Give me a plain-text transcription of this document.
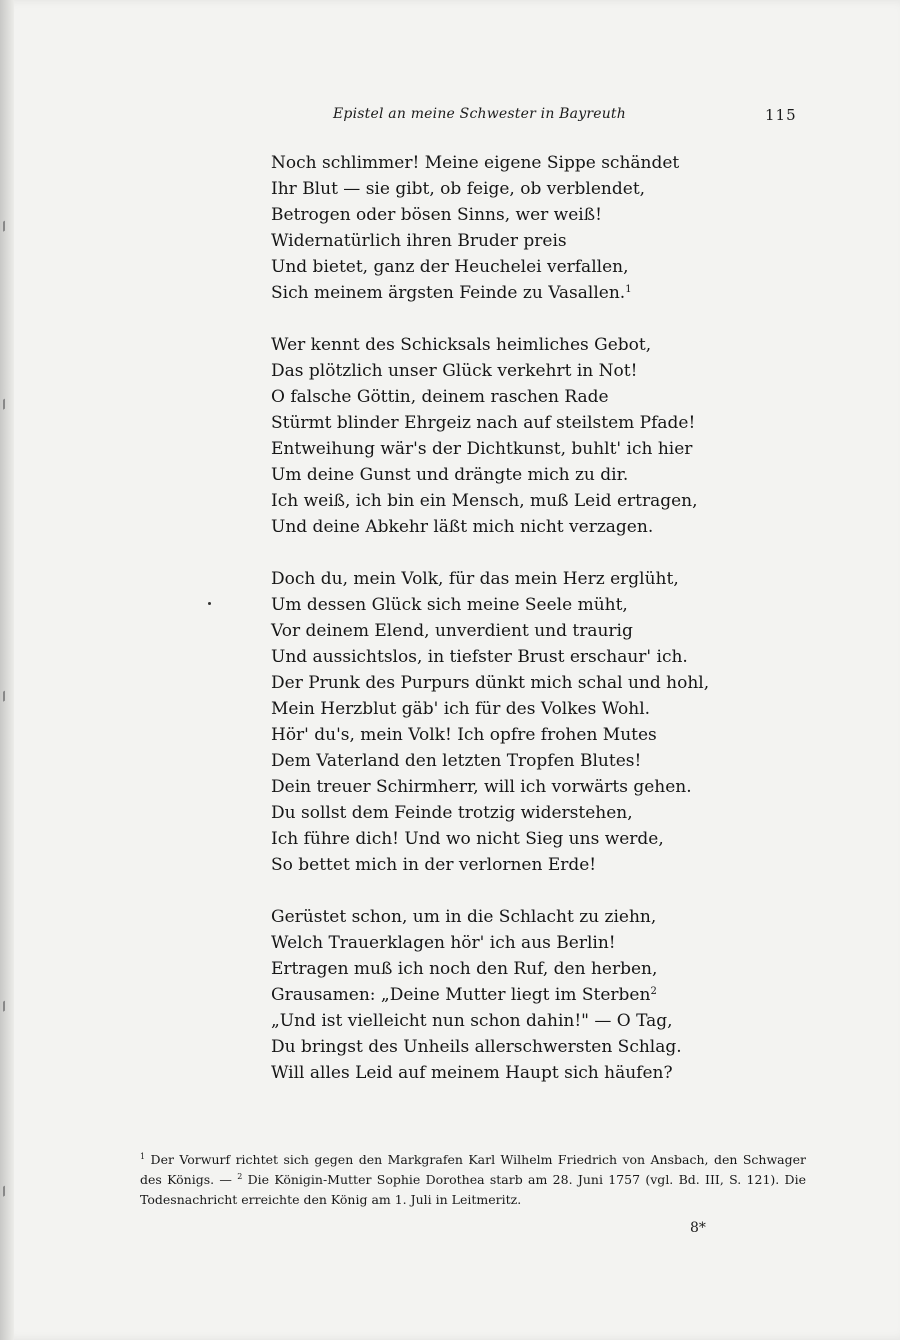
Epistel an meine Schwester in Bayreuth	115
Noch schlimmer! Meine eigene Sippe schändet
Ihr Blut — sie gibt, ob feige, ob verblendet,
Betrogen oder bösen Sinns, wer weiß!
Widernatürlich ihren Bruder preis
Und bietet, ganz der Heuchelei verfallen,
Sich meinem ärgsten Feinde zu Vasallen.$^1$
Wer kennt des Schicksals heimliches Gebot,
Das plötzlich unser Glück verkehrt in Not!
O falsche Göttin, deinem raschen Rade
Stürmt blinder Ehrgeiz nach auf steilstem Pfade!
Entweihung wär's der Dichtkunst, buhlt' ich hier
Um deine Gunst und drängte mich zu dir.
Ich weiß, ich bin ein Mensch, muß Leid ertragen,
Und deine Abkehr läßt mich nicht verzagen.
Doch du, mein Volk, für das mein Herz erglüht,
Um dessen Glück sich meine Seele müht,
Vor deinem Elend, unverdient und traurig
Und aussichtslos, in tiefster Brust erschaur' ich.
Der Prunk des Purpurs dünkt mich schal und hohl,
Mein Herzblut gäb' ich für des Volkes Wohl.
Hör' du's, mein Volk! Ich opfre frohen Mutes
Dem Vaterland den letzten Tropfen Blutes!
Dein treuer Schirmherr, will ich vorwärts gehen.
Du sollst dem Feinde trotzig widerstehen,
Ich führe dich! Und wo nicht Sieg uns werde,
So bettet mich in der verlornen Erde!
Gerüstet schon, um in die Schlacht zu ziehn,
Welch Trauerklagen hör' ich aus Berlin!
Ertragen muß ich noch den Ruf, den herben,
Grausamen: „Deine Mutter liegt im Sterben$^2$
„Und ist vielleicht nun schon dahin!" — O Tag,
Du bringst des Unheils allerschwersten Schlag.
Will alles Leid auf meinem Haupt sich häufen?
$^1$ Der Vorwurf richtet sich gegen den Markgrafen Karl Wilhelm Friedrich von Ansbach, den Schwager des Königs. — $^2$ Die Königin-Mutter Sophie Dorothea starb am 28. Juni 1757 (vgl. Bd. III, S. 121). Die Todesnachricht erreichte den König am 1. Juli in Leitmeritz.
8*
